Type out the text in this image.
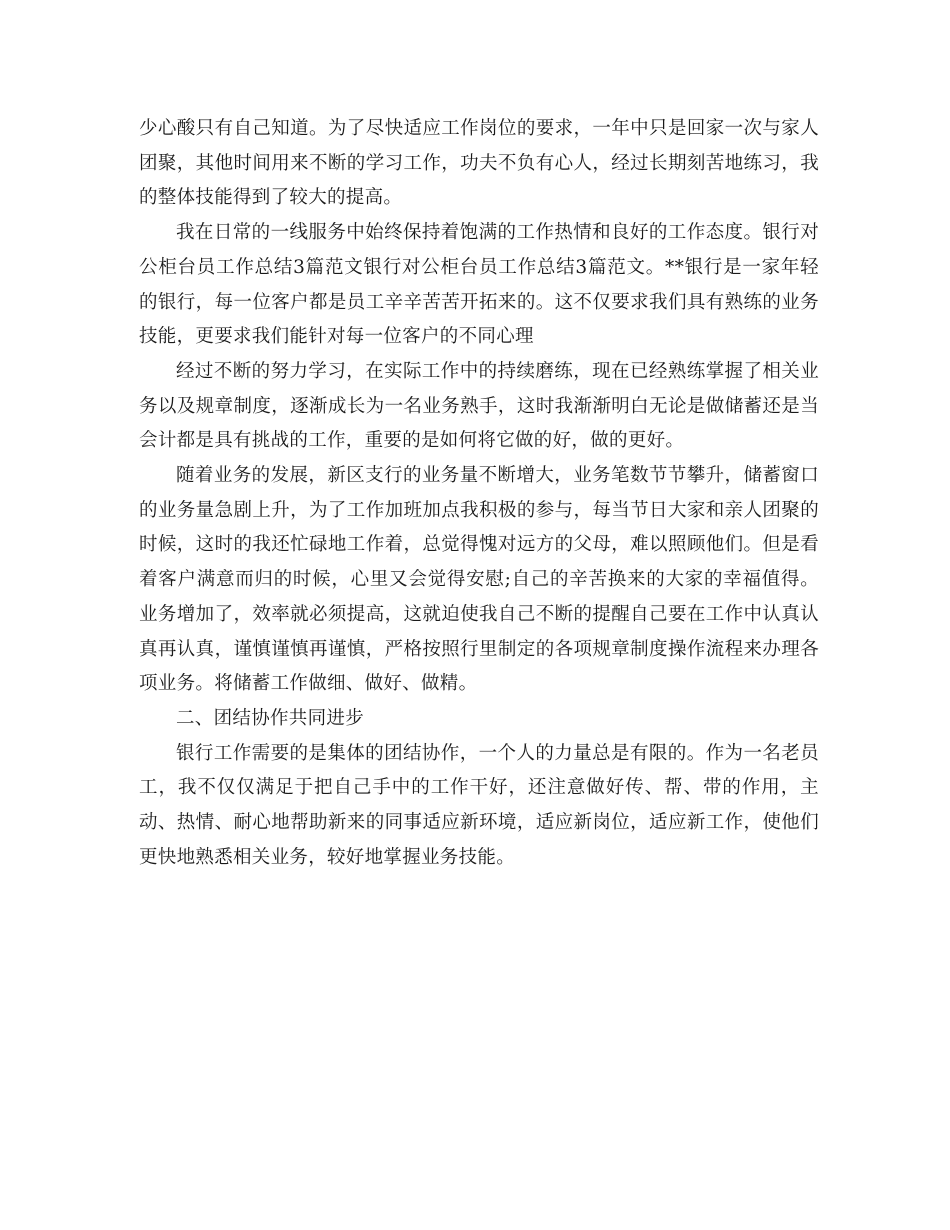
少心酸只有自己知道。为了尽快适应工作岗位的要求，一年中只是回家一次与家人团聚，其他时间用来不断的学习工作，功夫不负有心人，经过长期刻苦地练习，我的整体技能得到了较大的提高。

我在日常的一线服务中始终保持着饱满的工作热情和良好的工作态度。银行对公柜台员工作总结3篇范文银行对公柜台员工作总结3篇范文。**银行是一家年轻的银行，每一位客户都是员工辛辛苦苦开拓来的。这不仅要求我们具有熟练的业务技能，更要求我们能针对每一位客户的不同心理

经过不断的努力学习，在实际工作中的持续磨练，现在已经熟练掌握了相关业务以及规章制度，逐渐成长为一名业务熟手，这时我渐渐明白无论是做储蓄还是当会计都是具有挑战的工作，重要的是如何将它做的好，做的更好。

随着业务的发展，新区支行的业务量不断增大，业务笔数节节攀升，储蓄窗口的业务量急剧上升，为了工作加班加点我积极的参与，每当节日大家和亲人团聚的时候，这时的我还忙碌地工作着，总觉得愧对远方的父母，难以照顾他们。但是看着客户满意而归的时候，心里又会觉得安慰;自己的辛苦换来的大家的幸福值得。业务增加了，效率就必须提高，这就迫使我自己不断的提醒自己要在工作中认真认真再认真，谨慎谨慎再谨慎，严格按照行里制定的各项规章制度操作流程来办理各项业务。将储蓄工作做细、做好、做精。

二、团结协作共同进步

银行工作需要的是集体的团结协作，一个人的力量总是有限的。作为一名老员工，我不仅仅满足于把自己手中的工作干好，还注意做好传、帮、带的作用，主动、热情、耐心地帮助新来的同事适应新环境，适应新岗位，适应新工作，使他们更快地熟悉相关业务，较好地掌握业务技能。
